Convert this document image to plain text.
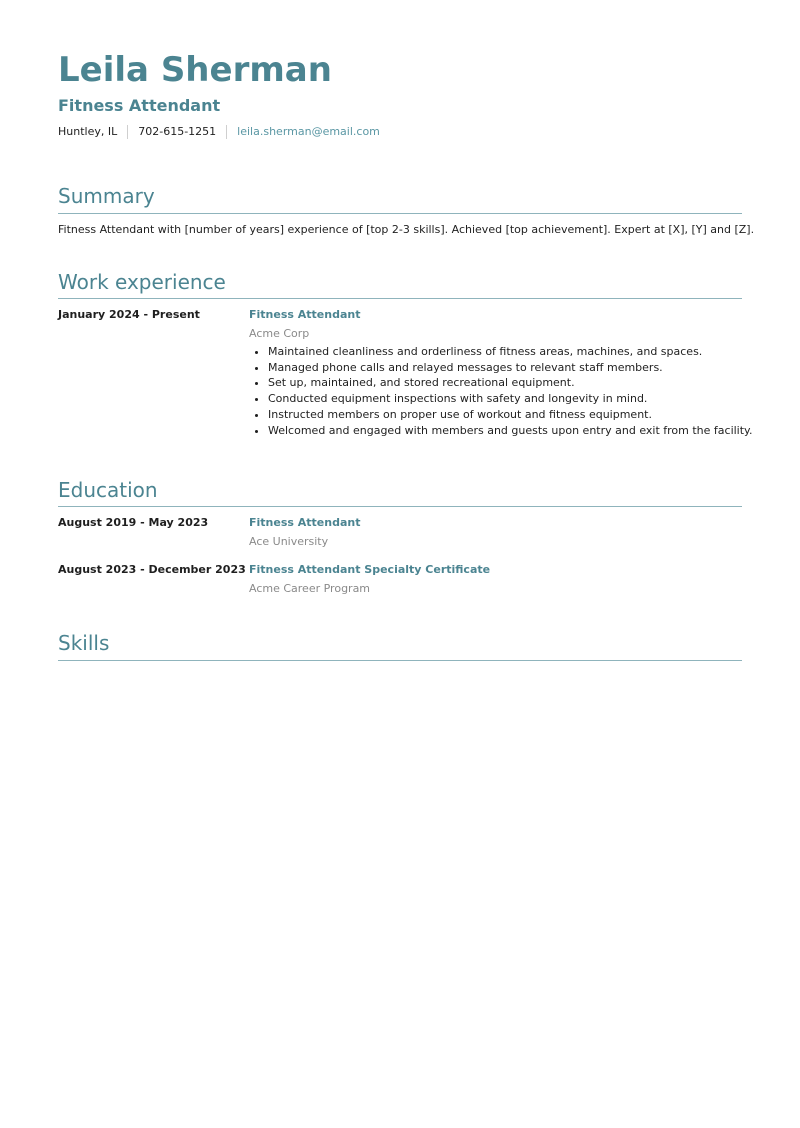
Leila Sherman
Fitness Attendant
Huntley, IL 702-615-1251 leila.sherman@email.com
Summary
Fitness Attendant with [number of years] experience of [top 2-3 skills]. Achieved [top achievement]. Expert at [X], [Y] and [Z].
Work experience
January 2024 - Present	Fitness Attendant
Acme Corp
• Maintained cleanliness and orderliness of fitness areas, machines, and spaces.
• Managed phone calls and relayed messages to relevant staff members.
• Set up, maintained, and stored recreational equipment.
• Conducted equipment inspections with safety and longevity in mind.
• Instructed members on proper use of workout and fitness equipment.
• Welcomed and engaged with members and guests upon entry and exit from the facility.
Education
August 2019 - May 2023	Fitness Attendant
Ace University
August 2023 - December 2023 Fitness Attendant Specialty Certificate
Acme Career Program
Skills
